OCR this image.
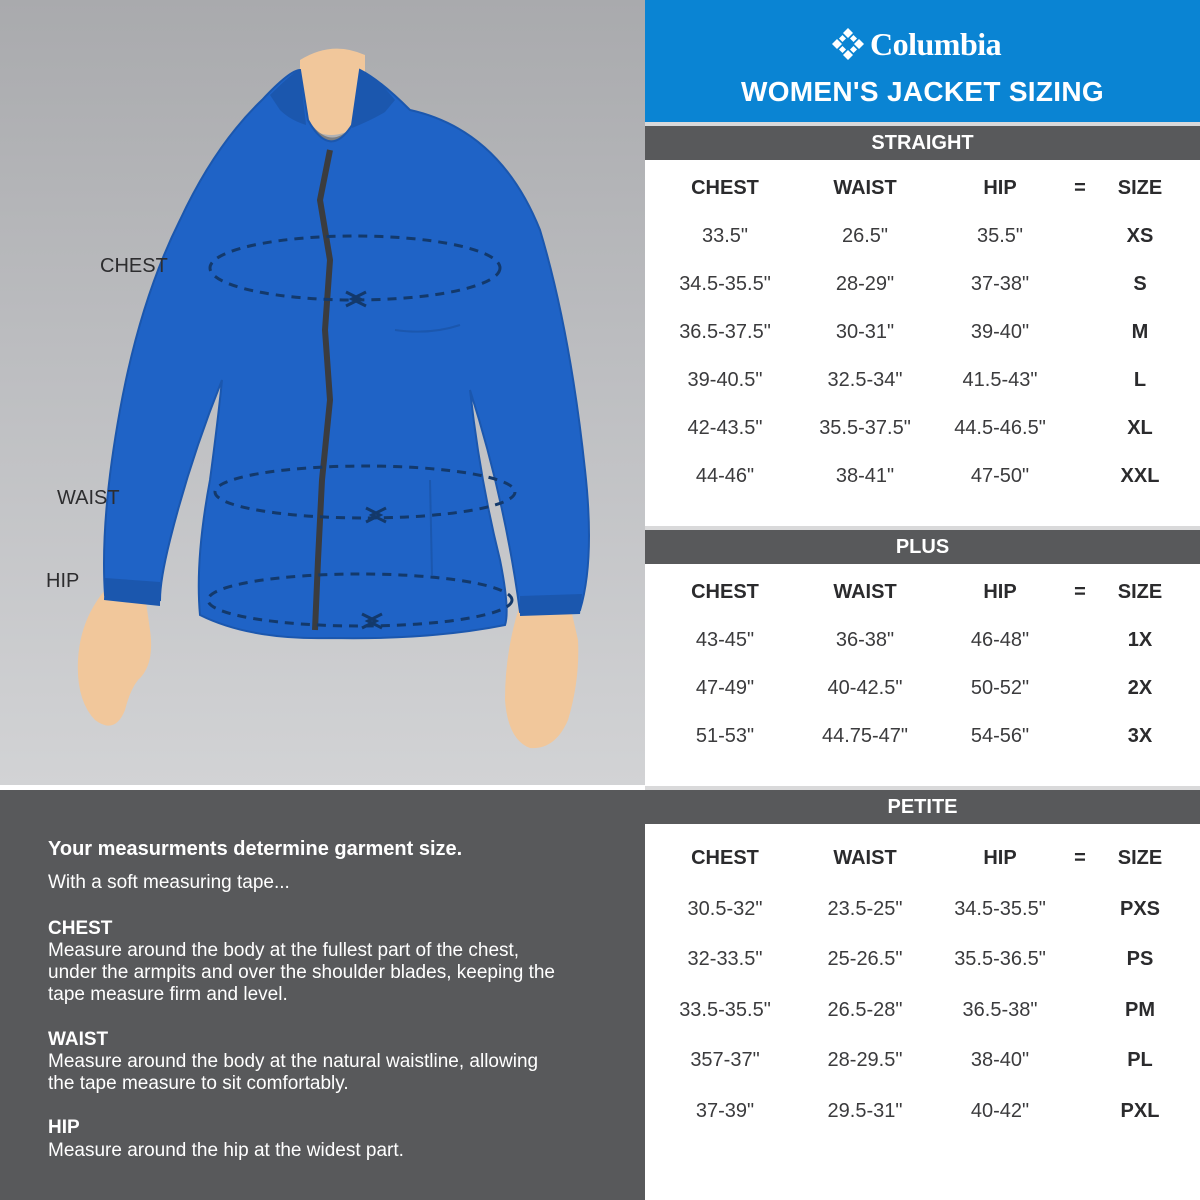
CHEST
WAIST
HIP
Your measurments determine garment size.
With a soft measuring tape...
CHEST
Measure around the body at the fullest part of the chest,
under the armpits and over the shoulder blades, keeping the
tape measure firm and level.
WAIST
Measure around the body at the natural waistline, allowing
the tape measure to sit comfortably.
HIP
Measure around the hip at the widest part.
Columbia
WOMEN'S JACKET SIZING
STRAIGHT
CHEST	WAIST	HIP	=	SIZE
33.5"	26.5"	35.5"	XS
34.5-35.5"	28-29"	37-38"	S
36.5-37.5"	30-31"	39-40"	M
39-40.5"	32.5-34"	41.5-43"	L
42-43.5"	35.5-37.5"	44.5-46.5"	XL
44-46"	38-41"	47-50"	XXL
PLUS
CHEST	WAIST	HIP	=	SIZE
43-45"	36-38"	46-48"	1X
47-49"	40-42.5"	50-52"	2X
51-53"	44.75-47"	54-56"	3X
PETITE
CHEST	WAIST	HIP	=	SIZE
30.5-32"	23.5-25"	34.5-35.5"	PXS
32-33.5"	25-26.5"	35.5-36.5"	PS
33.5-35.5"	26.5-28"	36.5-38"	PM
357-37"	28-29.5"	38-40"	PL
37-39"	29.5-31"	40-42"	PXL
